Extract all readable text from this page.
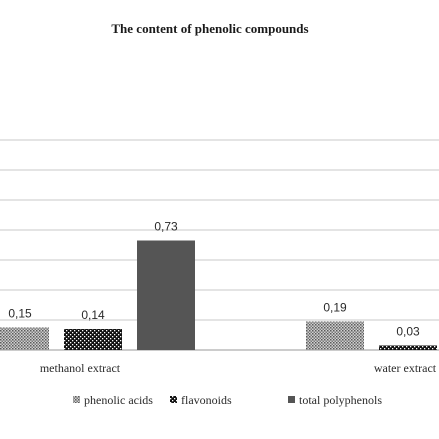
The content of phenolic compounds
0,15	0,14
0,73
0,19
0,03
methanol extract	water extract
phenolic acids flavonoids	total polyphenols
